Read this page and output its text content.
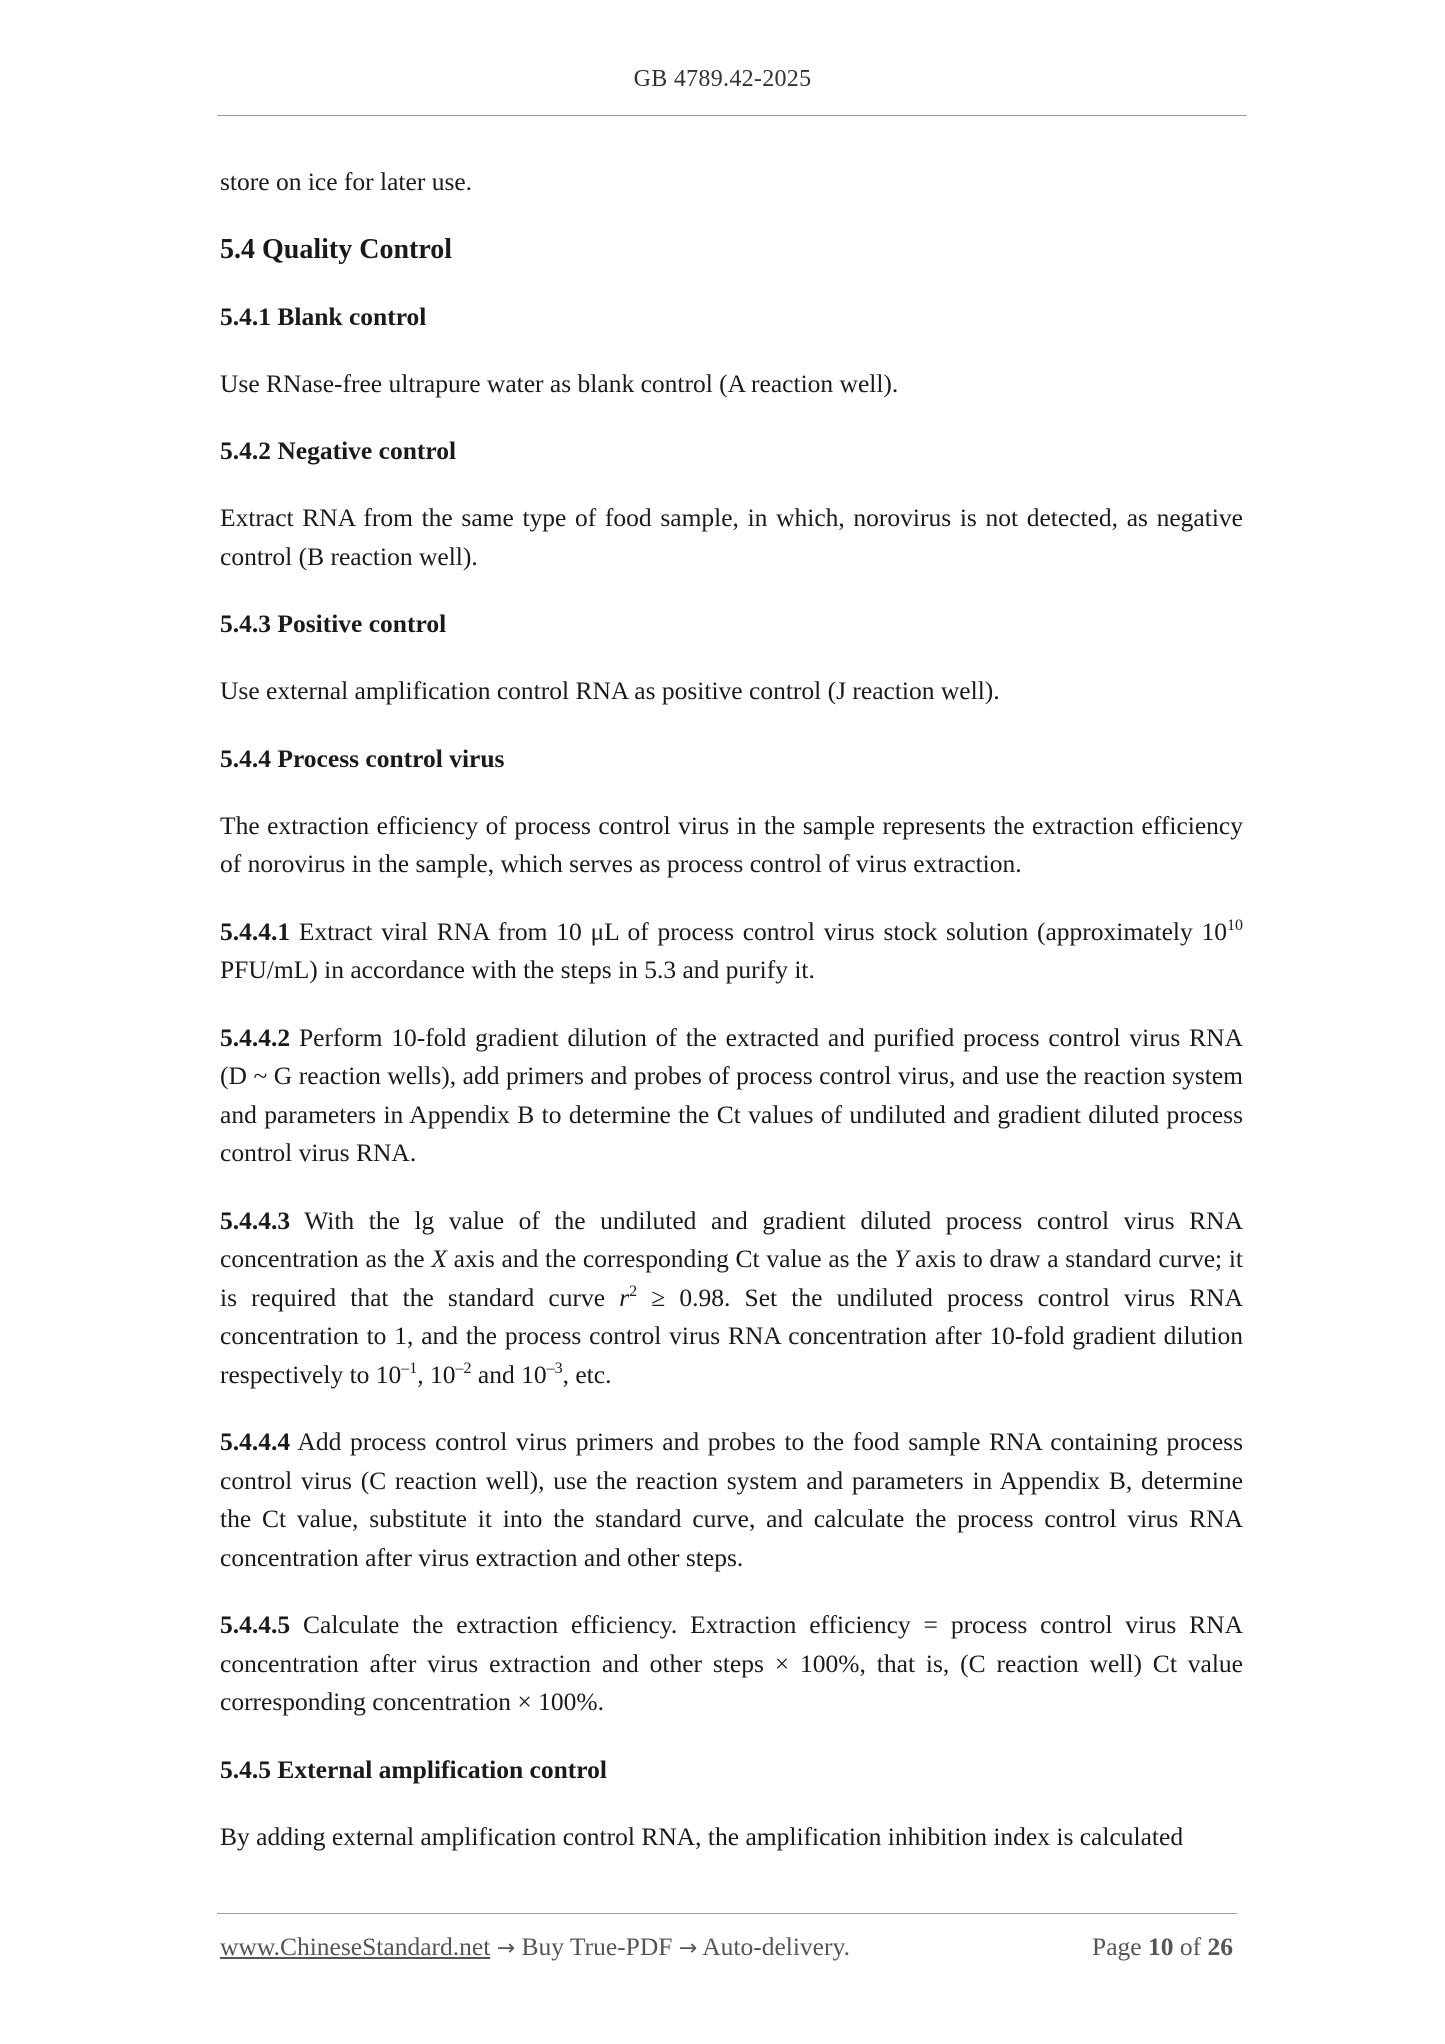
GB 4789.42-2025

store on ice for later use.

5.4 Quality Control
5.4.1 Blank control

Use RNase-free ultrapure water as blank control (A reaction well).

5.4.2 Negative control

Extract RNA from the same type of food sample, in which, norovirus is not detected, as negative control (B reaction well).

5.4.3 Positive control

Use external amplification control RNA as positive control (J reaction well).

5.4.4 Process control virus

The extraction efficiency of process control virus in the sample represents the extraction efficiency of norovirus in the sample, which serves as process control of virus extraction.

5.4.4.1 Extract viral RNA from 10 μL of process control virus stock solution (approximately $10^{10}$ PFU/mL) in accordance with the steps in 5.3 and purify it.

5.4.4.2 Perform 10-fold gradient dilution of the extracted and purified process control virus RNA (D ~ G reaction wells), add primers and probes of process control virus, and use the reaction system and parameters in Appendix B to determine the Ct values of undiluted and gradient diluted process control virus RNA.

5.4.4.3 With the lg value of the undiluted and gradient diluted process control virus RNA concentration as the X axis and the corresponding Ct value as the Y axis to draw a standard curve; it is required that the standard curve $r^2 \ge 0.98$. Set the undiluted process control virus RNA concentration to 1, and the process control virus RNA concentration after 10-fold gradient dilution respectively to $10^{-1}$, $10^{-2}$ and $10^{-3}$, etc.

5.4.4.4 Add process control virus primers and probes to the food sample RNA containing process control virus (C reaction well), use the reaction system and parameters in Appendix B, determine the Ct value, substitute it into the standard curve, and calculate the process control virus RNA concentration after virus extraction and other steps.

5.4.4.5 Calculate the extraction efficiency. Extraction efficiency = process control virus RNA concentration after virus extraction and other steps × 100%, that is, (C reaction well) Ct value corresponding concentration × 100%.

5.4.5 External amplification control

By adding external amplification control RNA, the amplification inhibition index is calculated

www.ChineseStandard.net → Buy True-PDF → Auto-delivery.	Page 10 of 26
